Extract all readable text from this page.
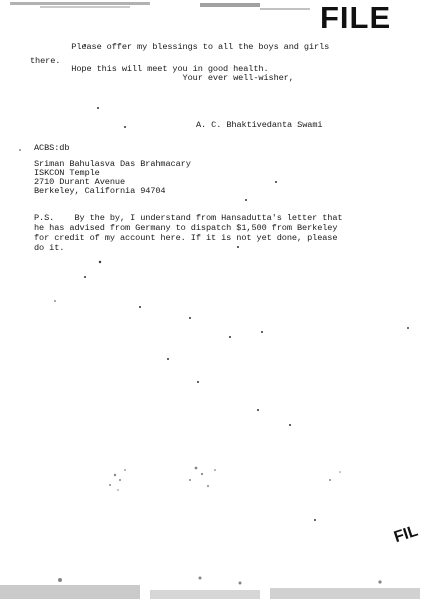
FILE
Please offer my blessings to all the boys and girls
there.
Hope this will meet you in good health.
Your ever well-wisher,
A. C. Bhaktivedanta Swami
ACBS:db
Sriman Bahulasva Das Brahmacary
ISKCON Temple
2710 Durant Avenue
Berkeley, California 94704
P.S.    By the by, I understand from Hansadutta's letter that
he has advised from Germany to dispatch $1,500 from Berkeley
for credit of my account here. If it is not yet done, please
do it.
FIL
